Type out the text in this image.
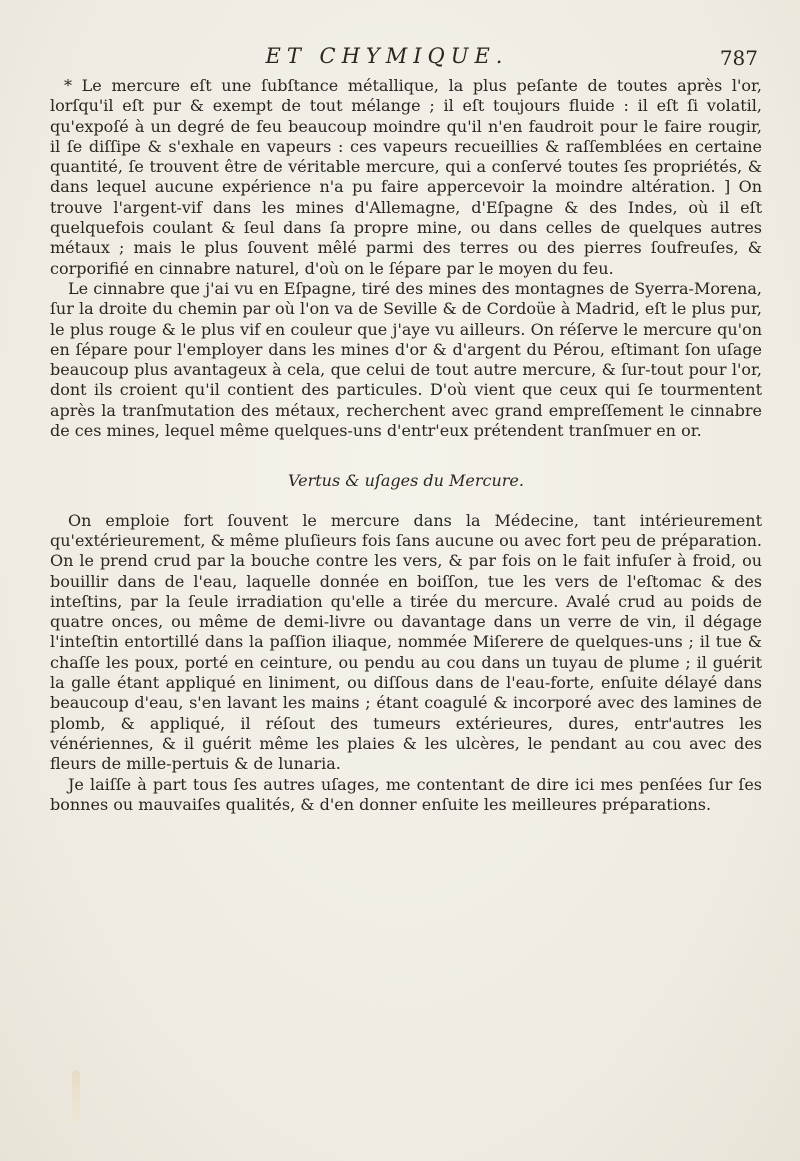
ET CHYMIQUE.	787

* Le mercure eſt une ſubſtance métallique, la plus peſante de toutes après l'or, lorſqu'il eſt pur & exempt de tout mélange ; il eſt toujours fluide : il eſt ſi volatil, qu'expoſé à un degré de feu beaucoup moindre qu'il n'en faudroit pour le faire rougir, il ſe diſſipe & s'exhale en vapeurs : ces vapeurs recueillies & raſſemblées en certaine quantité, ſe trouvent être de véritable mercure, qui a conſervé toutes ſes propriétés, & dans lequel aucune expérience n'a pu faire appercevoir la moindre altération. ] On trouve l'argent-vif dans les mines d'Allemagne, d'Eſpagne & des Indes, où il eſt quelquefois coulant & ſeul dans ſa propre mine, ou dans celles de quelques autres métaux ; mais le plus ſouvent mêlé parmi des terres ou des pierres ſoufreuſes, & corporifié en cinnabre naturel, d'où on le ſépare par le moyen du feu.

Le cinnabre que j'ai vu en Eſpagne, tiré des mines des montagnes de Syerra-Morena, ſur la droite du chemin par où l'on va de Seville & de Cordoüe à Madrid, eſt le plus pur, le plus rouge & le plus vif en couleur que j'aye vu ailleurs. On réſerve le mercure qu'on en ſépare pour l'employer dans les mines d'or & d'argent du Pérou, eſtimant ſon uſage beaucoup plus avantageux à cela, que celui de tout autre mercure, & ſur-tout pour l'or, dont ils croient qu'il contient des particules. D'où vient que ceux qui ſe tourmentent après la tranſmutation des métaux, recherchent avec grand empreſſement le cinnabre de ces mines, lequel même quelques-uns d'entr'eux prétendent tranſmuer en or.

Vertus & uſages du Mercure.

On emploie fort ſouvent le mercure dans la Médecine, tant intérieurement qu'extérieurement, & même pluſieurs fois ſans aucune ou avec fort peu de préparation. On le prend crud par la bouche contre les vers, & par fois on le fait infuſer à froid, ou bouillir dans de l'eau, laquelle donnée en boiſſon, tue les vers de l'eſtomac & des inteſtins, par la ſeule irradiation qu'elle a tirée du mercure. Avalé crud au poids de quatre onces, ou même de demi-livre ou davantage dans un verre de vin, il dégage l'inteſtin entortillé dans la paſſion iliaque, nommée Miſerere de quelques-uns ; il tue & chaſſe les poux, porté en ceinture, ou pendu au cou dans un tuyau de plume ; il guérit la galle étant appliqué en liniment, ou diſſous dans de l'eau-forte, enſuite délayé dans beaucoup d'eau, s'en lavant les mains ; étant coagulé & incorporé avec des lamines de plomb, & appliqué, il réſout des tumeurs extérieures, dures, entr'autres les vénériennes, & il guérit même les plaies & les ulcères, le pendant au cou avec des fleurs de mille-pertuis & de lunaria.

Je laiſſe à part tous ſes autres uſages, me contentant de dire ici mes penſées ſur ſes bonnes ou mauvaiſes qualités, & d'en donner enſuite les meilleures préparations.
